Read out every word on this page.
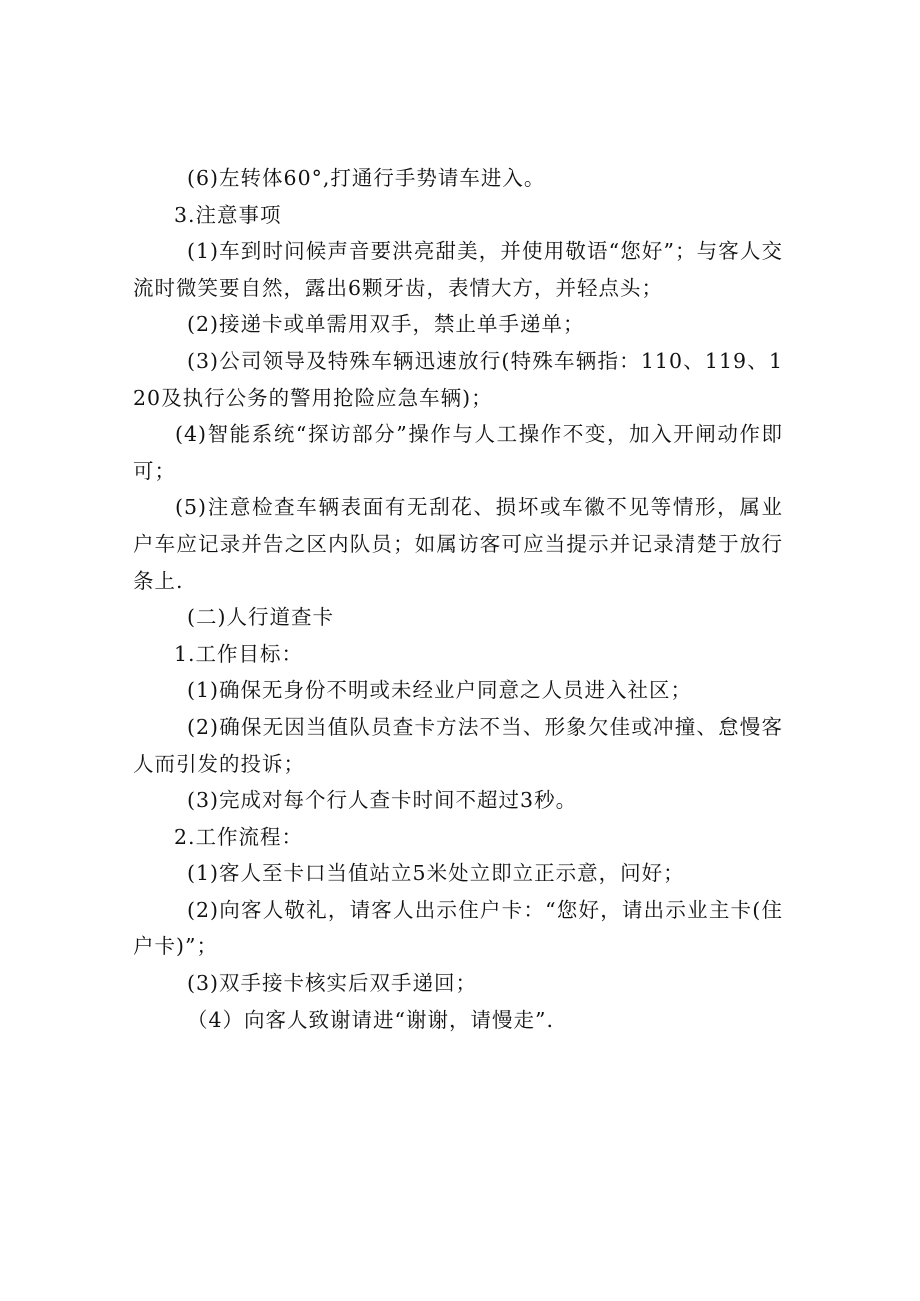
(6)左转体60°,打通行手势请车进入。

3.注意事项

(1)车到时问候声音要洪亮甜美，并使用敬语“您好”；与客人交流时微笑要自然，露出6颗牙齿，表情大方，并轻点头；

(2)接递卡或单需用双手，禁止单手递单；

(3)公司领导及特殊车辆迅速放行(特殊车辆指：110、119、120及执行公务的警用抢险应急车辆)；

(4)智能系统“探访部分”操作与人工操作不变，加入开闸动作即可；

(5)注意检查车辆表面有无刮花、损坏或车徽不见等情形，属业户车应记录并告之区内队员；如属访客可应当提示并记录清楚于放行条上.

(二)人行道查卡

1.工作目标：

(1)确保无身份不明或未经业户同意之人员进入社区；

(2)确保无因当值队员查卡方法不当、形象欠佳或冲撞、怠慢客人而引发的投诉；

(3)完成对每个行人查卡时间不超过3秒。

2.工作流程：

(1)客人至卡口当值站立5米处立即立正示意，问好；

(2)向客人敬礼，请客人出示住户卡：“您好，请出示业主卡(住户卡)”；

(3)双手接卡核实后双手递回；

（4）向客人致谢请进“谢谢，请慢走”.
